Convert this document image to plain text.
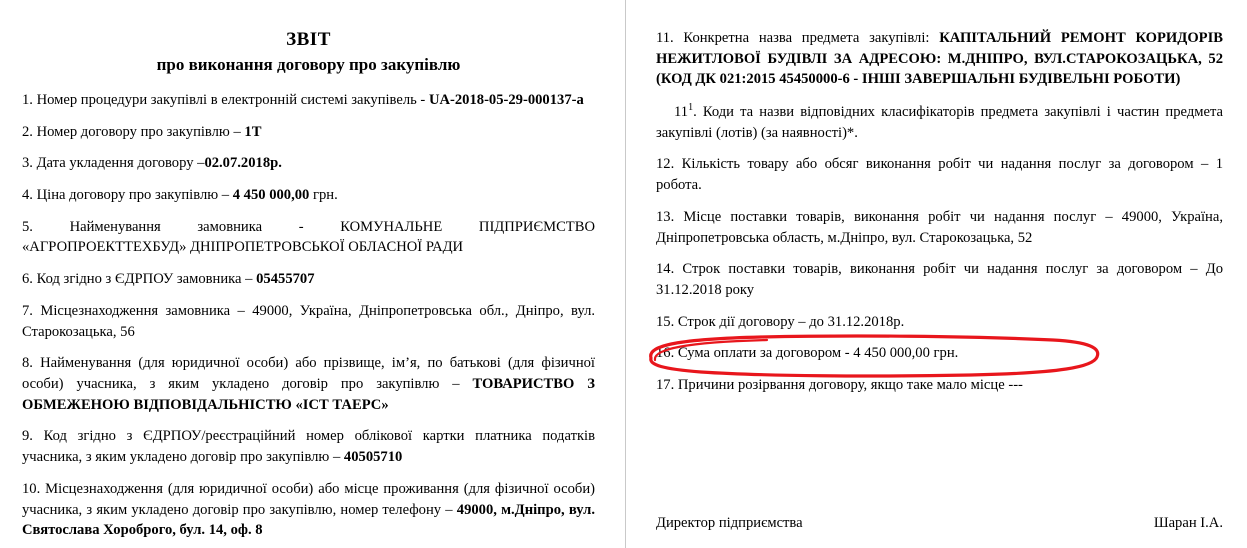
ЗВІТ
про виконання договору про закупівлю

1. Номер процедури закупівлі в електронній системі закупівель - UA-2018-05-29-000137-а

2. Номер договору про закупівлю – 1Т

3. Дата укладення договору –02.07.2018р.

4. Ціна договору про закупівлю – 4 450 000,00 грн.

5. Найменування замовника - КОМУНАЛЬНЕ ПІДПРИЄМСТВО «АГРОПРОЕКТТЕХБУД» ДНІПРОПЕТРОВСЬКОЇ ОБЛАСНОЇ РАДИ

6. Код згідно з ЄДРПОУ замовника – 05455707

7. Місцезнаходження замовника – 49000, Україна, Дніпропетровська обл., Дніпро, вул. Старокозацька, 56

8. Найменування (для юридичної особи) або прізвище, ім’я, по батькові (для фізичної особи) учасника, з яким укладено договір про закупівлю – ТОВАРИСТВО З ОБМЕЖЕНОЮ ВІДПОВІДАЛЬНІСТЮ «ІСТ ТАЕРС»

9. Код згідно з ЄДРПОУ/реєстраційний номер облікової картки платника податків учасника, з яким укладено договір про закупівлю – 40505710

10. Місцезнаходження (для юридичної особи) або місце проживання (для фізичної особи) учасника, з яким укладено договір про закупівлю, номер телефону – 49000, м.Дніпро, вул. Святослава Хороброго, бул. 14, оф. 8

11. Конкретна назва предмета закупівлі: КАПІТАЛЬНИЙ РЕМОНТ КОРИДОРІВ НЕЖИТЛОВОЇ БУДІВЛІ ЗА АДРЕСОЮ: М.ДНІПРО, ВУЛ.СТАРОКОЗАЦЬКА, 52 (КОД ДК 021:2015 45450000-6 - ІНШІ ЗАВЕРШАЛЬНІ БУДІВЕЛЬНІ РОБОТИ)

$11^1$. Коди та назви відповідних класифікаторів предмета закупівлі і частин предмета закупівлі (лотів) (за наявності)*.

12. Кількість товару або обсяг виконання робіт чи надання послуг за договором – 1 робота.

13. Місце поставки товарів, виконання робіт чи надання послуг – 49000, Україна, Дніпропетровська область, м.Дніпро, вул. Старокозацька, 52

14. Строк поставки товарів, виконання робіт чи надання послуг за договором – До 31.12.2018 року

15. Строк дії договору – до 31.12.2018р.

16. Сума оплати за договором - 4 450 000,00 грн.

17. Причини розірвання договору, якщо таке мало місце ---

Директор підприємства	Шаран І.А.
